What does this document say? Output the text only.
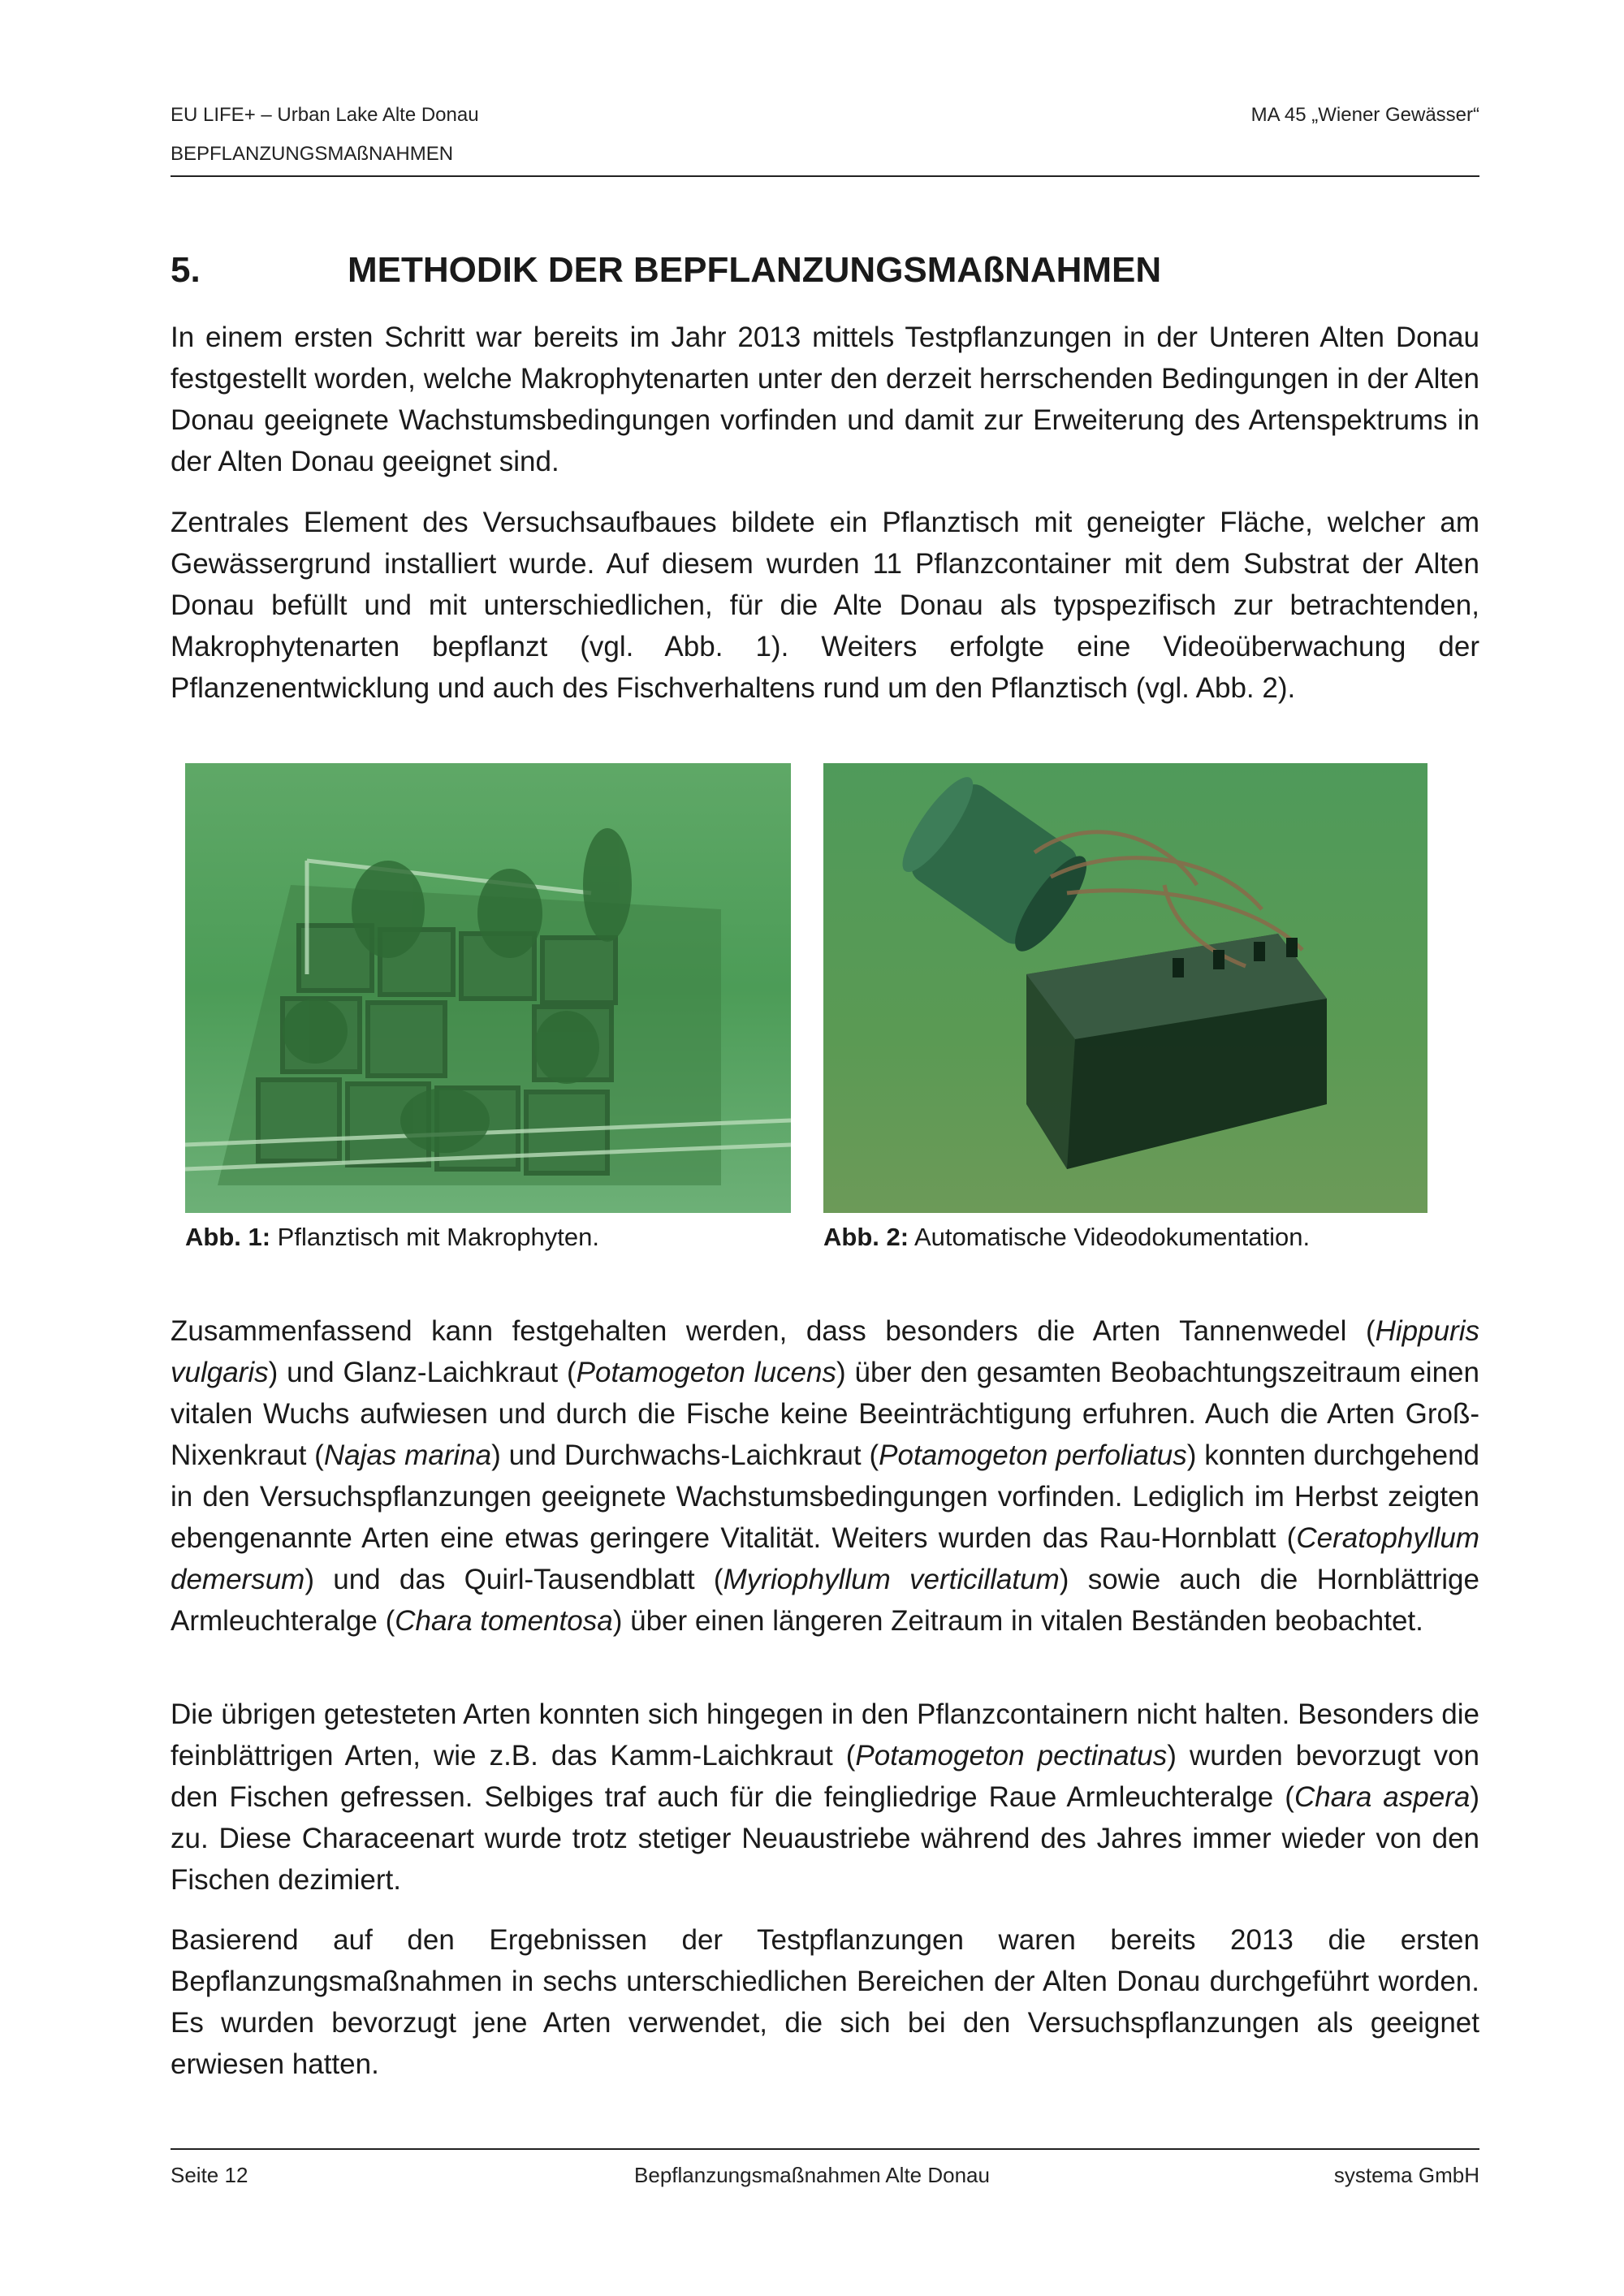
EU LIFE+ – Urban Lake Alte Donau
BEPFLANZUNGSMAßNAHMEN
MA 45 „Wiener Gewässer“
5.	METHODIK DER BEPFLANZUNGSMAßNAHMEN

In einem ersten Schritt war bereits im Jahr 2013 mittels Testpflanzungen in der Unteren Alten Donau festgestellt worden, welche Makrophytenarten unter den derzeit herrschenden Bedingungen in der Alten Donau geeignete Wachstumsbedingungen vorfinden und damit zur Erweiterung des Artenspektrums in der Alten Donau geeignet sind.

Zentrales Element des Versuchsaufbaues bildete ein Pflanztisch mit geneigter Fläche, welcher am Gewässergrund installiert wurde. Auf diesem wurden 11 Pflanzcontainer mit dem Substrat der Alten Donau befüllt und mit unterschiedlichen, für die Alte Donau als typspezifisch zur betrachtenden, Makrophytenarten bepflanzt (vgl. Abb. 1). Weiters erfolgte eine Videoüberwachung der Pflanzenentwicklung und auch des Fischverhaltens rund um den Pflanztisch (vgl. Abb. 2).

Abb. 1: Pflanztisch mit Makrophyten.	Abb. 2: Automatische Videodokumentation.

Zusammenfassend kann festgehalten werden, dass besonders die Arten Tannenwedel (Hippuris vulgaris) und Glanz-Laichkraut (Potamogeton lucens) über den gesamten Beobachtungszeitraum einen vitalen Wuchs aufwiesen und durch die Fische keine Beeinträchtigung erfuhren. Auch die Arten Groß-Nixenkraut (Najas marina) und Durchwachs-Laichkraut (Potamogeton perfoliatus) konnten durchgehend in den Versuchspflanzungen geeignete Wachstumsbedingungen vorfinden. Lediglich im Herbst zeigten ebengenannte Arten eine etwas geringere Vitalität. Weiters wurden das Rau-Hornblatt (Ceratophyllum demersum) und das Quirl-Tausendblatt (Myriophyllum verticillatum) sowie auch die Hornblättrige Armleuchteralge (Chara tomentosa) über einen längeren Zeitraum in vitalen Beständen beobachtet.

Die übrigen getesteten Arten konnten sich hingegen in den Pflanzcontainern nicht halten. Besonders die feinblättrigen Arten, wie z.B. das Kamm-Laichkraut (Potamogeton pectinatus) wurden bevorzugt von den Fischen gefressen. Selbiges traf auch für die feingliedrige Raue Armleuchteralge (Chara aspera) zu. Diese Characeenart wurde trotz stetiger Neuaustriebe während des Jahres immer wieder von den Fischen dezimiert.

Basierend auf den Ergebnissen der Testpflanzungen waren bereits 2013 die ersten Bepflanzungsmaßnahmen in sechs unterschiedlichen Bereichen der Alten Donau durchgeführt worden. Es wurden bevorzugt jene Arten verwendet, die sich bei den Versuchspflanzungen als geeignet erwiesen hatten.

Seite 12	Bepflanzungsmaßnahmen Alte Donau	systema GmbH
